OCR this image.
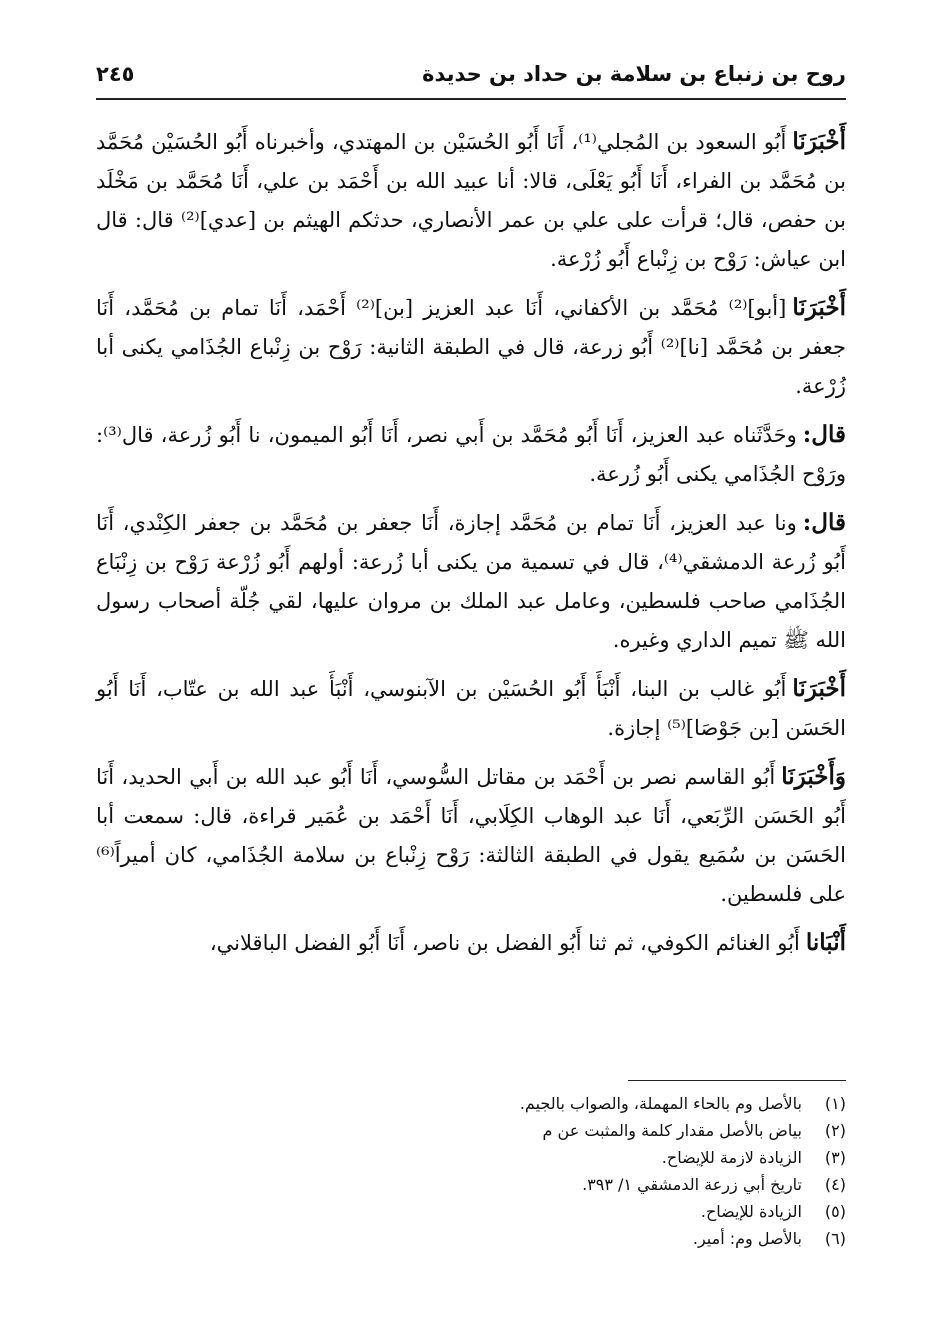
روح بن زنباع بن سلامة بن حداد بن حديدة
٢٤٥

أَخْبَرَنَاأَبُو السعود بن المُجلي⁽¹⁾، أَنَا أَبُو الحُسَيْن بن المهتدي، وأخبرناه أَبُو الحُسَيْن مُحَمَّد بن مُحَمَّد بن الفراء، أَنَا أَبُو يَعْلَى، قالا: أنا عبيد الله بن أَحْمَد بن علي، أَنَا مُحَمَّد بن مَخْلَد بن حفص، قال؛ قرأت على علي بن عمر الأنصاري، حدثكم الهيثم بن [عدي]⁽²⁾ قال: قال ابن عياش: رَوْح بن زِنْباع أَبُو زُرْعة.

أَخْبَرَنَا[أبو]⁽²⁾ مُحَمَّد بن الأكفاني، أَنَا عبد العزيز [بن]⁽²⁾ أَحْمَد، أَنَا تمام بن مُحَمَّد، أَنَا جعفر بن مُحَمَّد [نا]⁽²⁾ أَبُو زرعة، قال في الطبقة الثانية: رَوْح بن زِنْباع الجُذَامي يكنى أبا زُرْعة.

قال:وحَدَّثَناه عبد العزيز، أَنَا أَبُو مُحَمَّد بن أَبي نصر، أَنَا أَبُو الميمون، نا أَبُو زُرعة، قال⁽³⁾: ورَوْح الجُذَامي يكنى أَبُو زُرعة.

قال:ونا عبد العزيز، أَنَا تمام بن مُحَمَّد إجازة، أَنَا جعفر بن مُحَمَّد بن جعفر الكِنْدي، أَنَا أَبُو زُرعة الدمشقي⁽⁴⁾، قال في تسمية من يكنى أبا زُرعة: أولهم أَبُو زُرْعة رَوْح بن زِنْبَاع الجُذَامي صاحب فلسطين، وعامل عبد الملك بن مروان عليها، لقي جُلّة أصحاب رسول الله ﷺ تميم الداري وغيره.

أَخْبَرَنَاأَبُو غالب بن البنا، أَنْبَأَ أَبُو الحُسَيْن بن الآبنوسي، أَنْبَأَ عبد الله بن عتّاب، أَنَا أَبُو الحَسَن [بن جَوْصَا]⁽⁵⁾ إجازة.

وَأَخْبَرَنَاأَبُو القاسم نصر بن أَحْمَد بن مقاتل السُّوسي، أَنَا أَبُو عبد الله بن أَبي الحديد، أَنَا أَبُو الحَسَن الرِّبَعي، أَنَا عبد الوهاب الكِلَابي، أَنَا أَحْمَد بن عُمَير قراءة، قال: سمعت أبا الحَسَن بن سُمَيع يقول في الطبقة الثالثة: رَوْح زِنْباع بن سلامة الجُذَامي، كان أميراً⁽⁶⁾ على فلسطين.

أَنْبَاناأَبُو الغنائم الكوفي، ثم ثنا أَبُو الفضل بن ناصر، أَنَا أَبُو الفضل الباقلاني،

(١)
بالأصل وم بالحاء المهملة، والصواب بالجيم.
(٢)
بياض بالأصل مقدار كلمة والمثبت عن م
(٣)
الزيادة لازمة للإيضاح.
(٤)
تاريخ أبي زرعة الدمشقي ١/ ٣٩٣.
(٥)
الزيادة للإيضاح.
(٦)
بالأصل وم: أمير.
